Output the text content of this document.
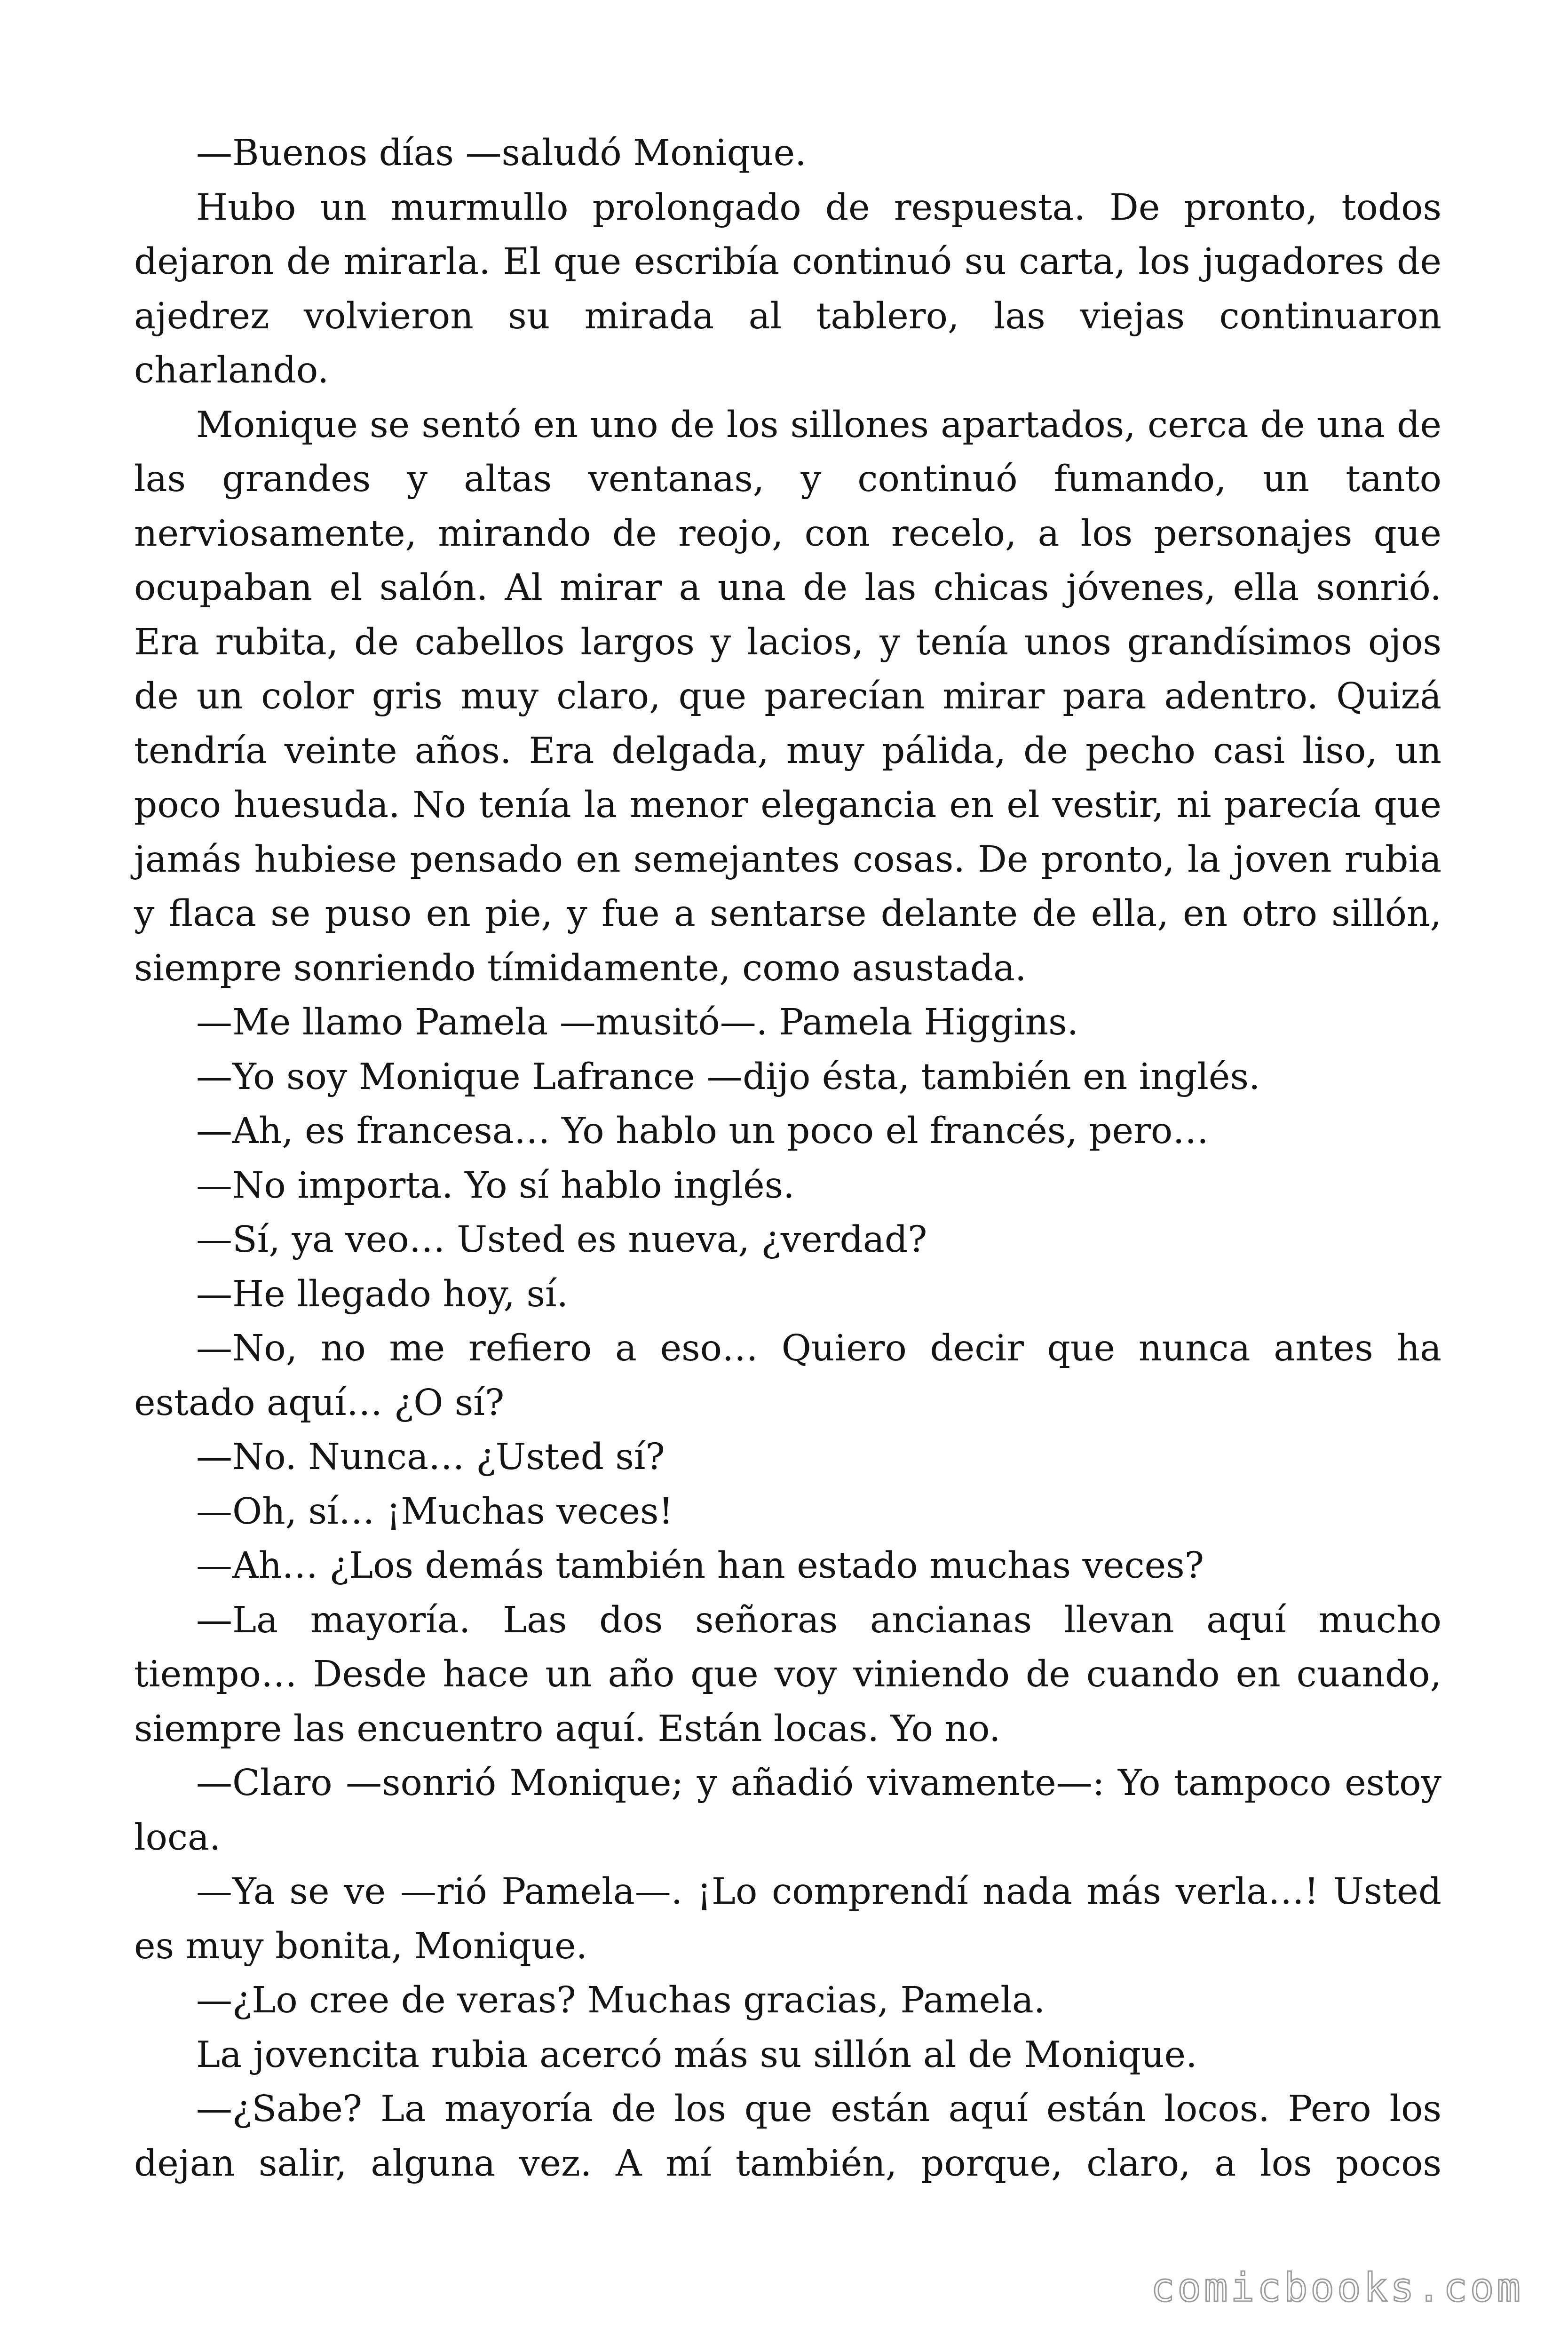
—Buenos días —saludó Monique.

Hubo un murmullo prolongado de respuesta. De pronto, todos dejaron de mirarla. El que escribía continuó su carta, los jugadores de ajedrez volvieron su mirada al tablero, las viejas continuaron charlando.

Monique se sentó en uno de los sillones apartados, cerca de una de las grandes y altas ventanas, y continuó fumando, un tanto nerviosamente, mirando de reojo, con recelo, a los personajes que ocupaban el salón. Al mirar a una de las chicas jóvenes, ella sonrió. Era rubita, de cabellos largos y lacios, y tenía unos grandísimos ojos de un color gris muy claro, que parecían mirar para adentro. Quizá tendría veinte años. Era delgada, muy pálida, de pecho casi liso, un poco huesuda. No tenía la menor elegancia en el vestir, ni parecía que jamás hubiese pensado en semejantes cosas. De pronto, la joven rubia y flaca se puso en pie, y fue a sentarse delante de ella, en otro sillón, siempre sonriendo tímidamente, como asustada.

—Me llamo Pamela —musitó—. Pamela Higgins.

—Yo soy Monique Lafrance —dijo ésta, también en inglés.

—Ah, es francesa… Yo hablo un poco el francés, pero…

—No importa. Yo sí hablo inglés.

—Sí, ya veo… Usted es nueva, ¿verdad?

—He llegado hoy, sí.

—No, no me refiero a eso… Quiero decir que nunca antes ha estado aquí… ¿O sí?

—No. Nunca… ¿Usted sí?

—Oh, sí… ¡Muchas veces!

—Ah… ¿Los demás también han estado muchas veces?

—La mayoría. Las dos señoras ancianas llevan aquí mucho tiempo… Desde hace un año que voy viniendo de cuando en cuando, siempre las encuentro aquí. Están locas. Yo no.

—Claro —sonrió Monique; y añadió vivamente—: Yo tampoco estoy loca.

—Ya se ve —rió Pamela—. ¡Lo comprendí nada más verla…! Usted es muy bonita, Monique.

—¿Lo cree de veras? Muchas gracias, Pamela.

La jovencita rubia acercó más su sillón al de Monique.

—¿Sabe? La mayoría de los que están aquí están locos. Pero los dejan salir, alguna vez. A mí también, porque, claro, a los pocos

comicbooks.com
